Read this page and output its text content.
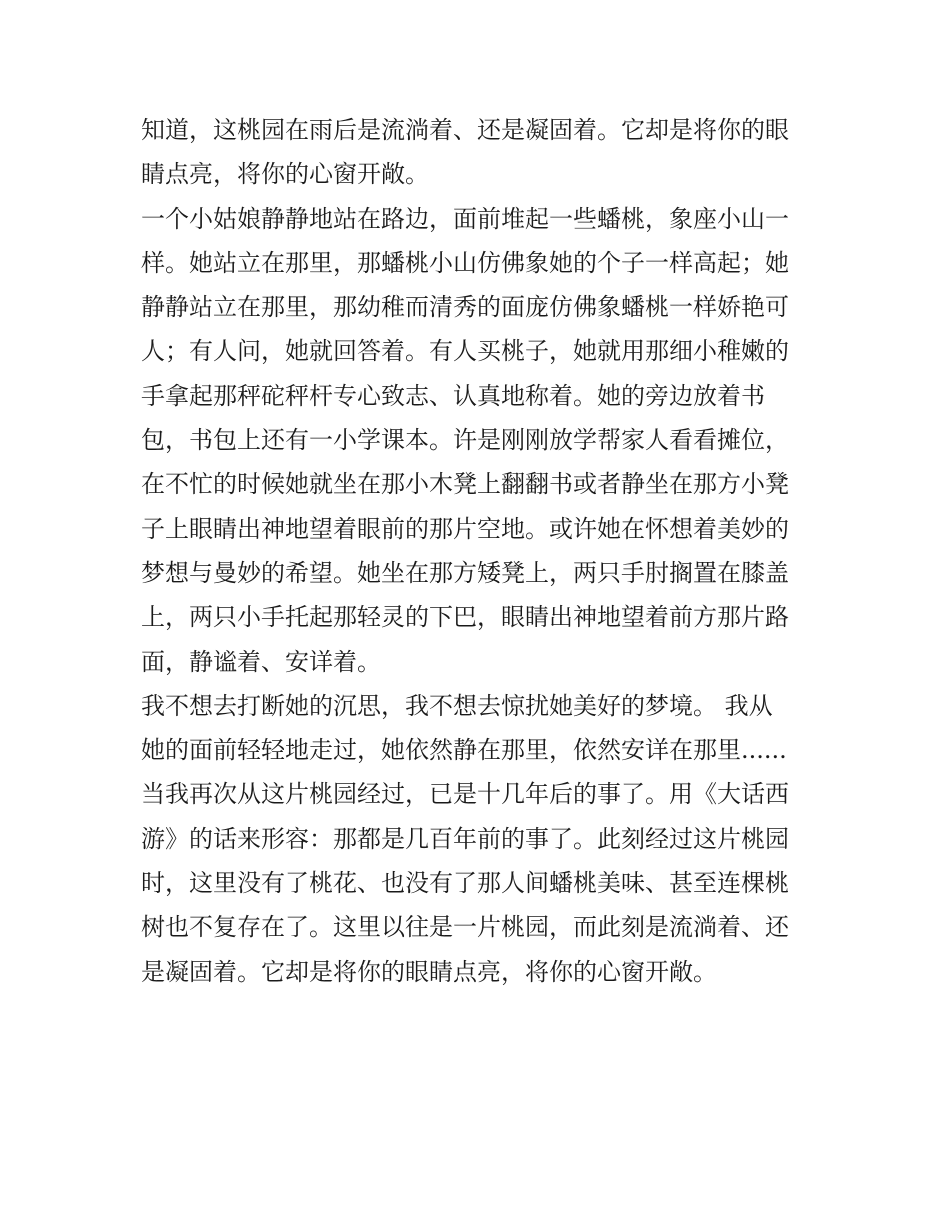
知道，这桃园在雨后是流淌着、还是凝固着。它却是将你的眼
睛点亮，将你的心窗开敞。
一个小姑娘静静地站在路边，面前堆起一些蟠桃，象座小山一
样。她站立在那里，那蟠桃小山仿佛象她的个子一样高起；她
静静站立在那里，那幼稚而清秀的面庞仿佛象蟠桃一样娇艳可
人；有人问，她就回答着。有人买桃子，她就用那细小稚嫩的
手拿起那秤砣秤杆专心致志、认真地称着。她的旁边放着书
包，书包上还有一小学课本。许是刚刚放学帮家人看看摊位，
在不忙的时候她就坐在那小木凳上翻翻书或者静坐在那方小凳
子上眼睛出神地望着眼前的那片空地。或许她在怀想着美妙的
梦想与曼妙的希望。她坐在那方矮凳上，两只手肘搁置在膝盖
上，两只小手托起那轻灵的下巴，眼睛出神地望着前方那片路
面，静谧着、安详着。
我不想去打断她的沉思，我不想去惊扰她美好的梦境。 我从
她的面前轻轻地走过，她依然静在那里，依然安详在那里......
当我再次从这片桃园经过，已是十几年后的事了。用《大话西
游》的话来形容：那都是几百年前的事了。此刻经过这片桃园
时，这里没有了桃花、也没有了那人间蟠桃美味、甚至连棵桃
树也不复存在了。这里以往是一片桃园，而此刻是流淌着、还
是凝固着。它却是将你的眼睛点亮，将你的心窗开敞。
